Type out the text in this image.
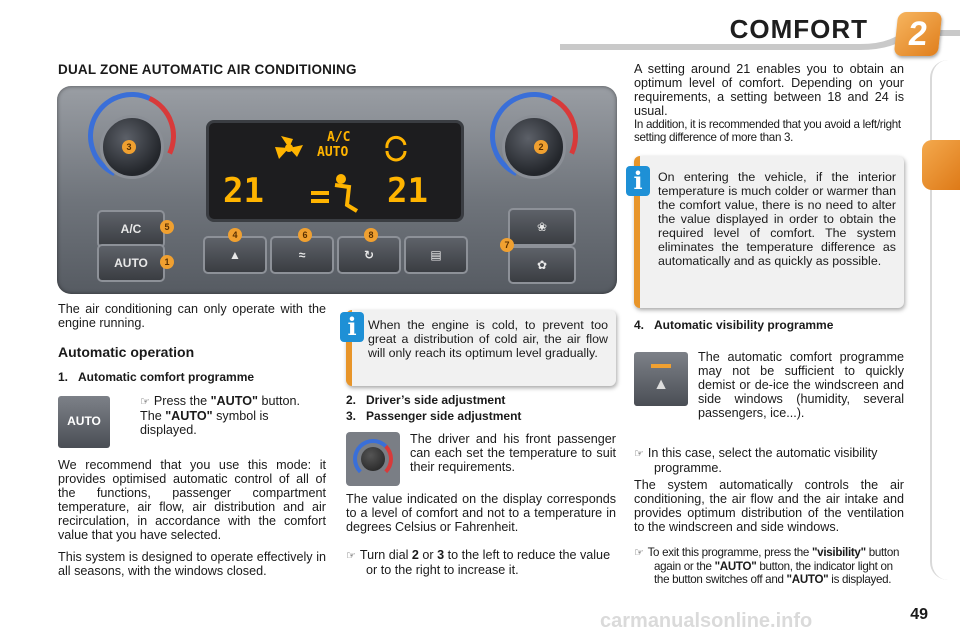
COMFORT	2
DUAL ZONE AUTOMATIC AIR CONDITIONING
A/C
AUTO
21	21
A/C
AUTO
▲	≈	↻	▤
❀
✿
1
2
3
4
5
6
7
8

The air conditioning can only operate with the engine running.

Automatic operation
1.   Automatic comfort programme
AUTO

☞ Press the "AUTO" button.
The "AUTO" symbol is displayed.

We recommend that you use this mode: it provides optimised automatic control of all of the functions, passenger compartment temperature, air flow, air distribution and air recirculation, in accordance with the comfort value that you have selected.

This system is designed to operate effectively in all seasons, with the windows closed.

When the engine is cold, to prevent too great a distribution of cold air, the air flow will only reach its optimum level gradually.

i
2.   Driver’s side adjustment
3.   Passenger side adjustment

The driver and his front passenger can each set the temperature to suit their requirements.

The value indicated on the display corresponds to a level of comfort and not to a temperature in degrees Celsius or Fahrenheit.

☞ Turn dial 2 or 3 to the left to reduce the value or to the right to increase it.

A setting around 21 enables you to obtain an optimum level of comfort. Depending on your requirements, a setting between 18 and 24 is usual.

In addition, it is recommended that you avoid a left/right setting difference of more than 3.

On entering the vehicle, if the interior temperature is much colder or warmer than the comfort value, there is no need to alter the value displayed in order to obtain the required level of comfort. The system eliminates the temperature difference as automatically and as quickly as possible.

i
4.   Automatic visibility programme
▲

The automatic comfort programme may not be sufficient to quickly demist or de-ice the windscreen and side windows (humidity, several passengers, ice...).

☞ In this case, select the automatic visibility programme.

The system automatically controls the air conditioning, the air flow and the air intake and provides optimum distribution of the ventilation to the windscreen and side windows.

☞ To exit this programme, press the "visibility" button again or the "AUTO" button, the indicator light on the button switches off and "AUTO" is displayed.

49
carmanualsonline.info
